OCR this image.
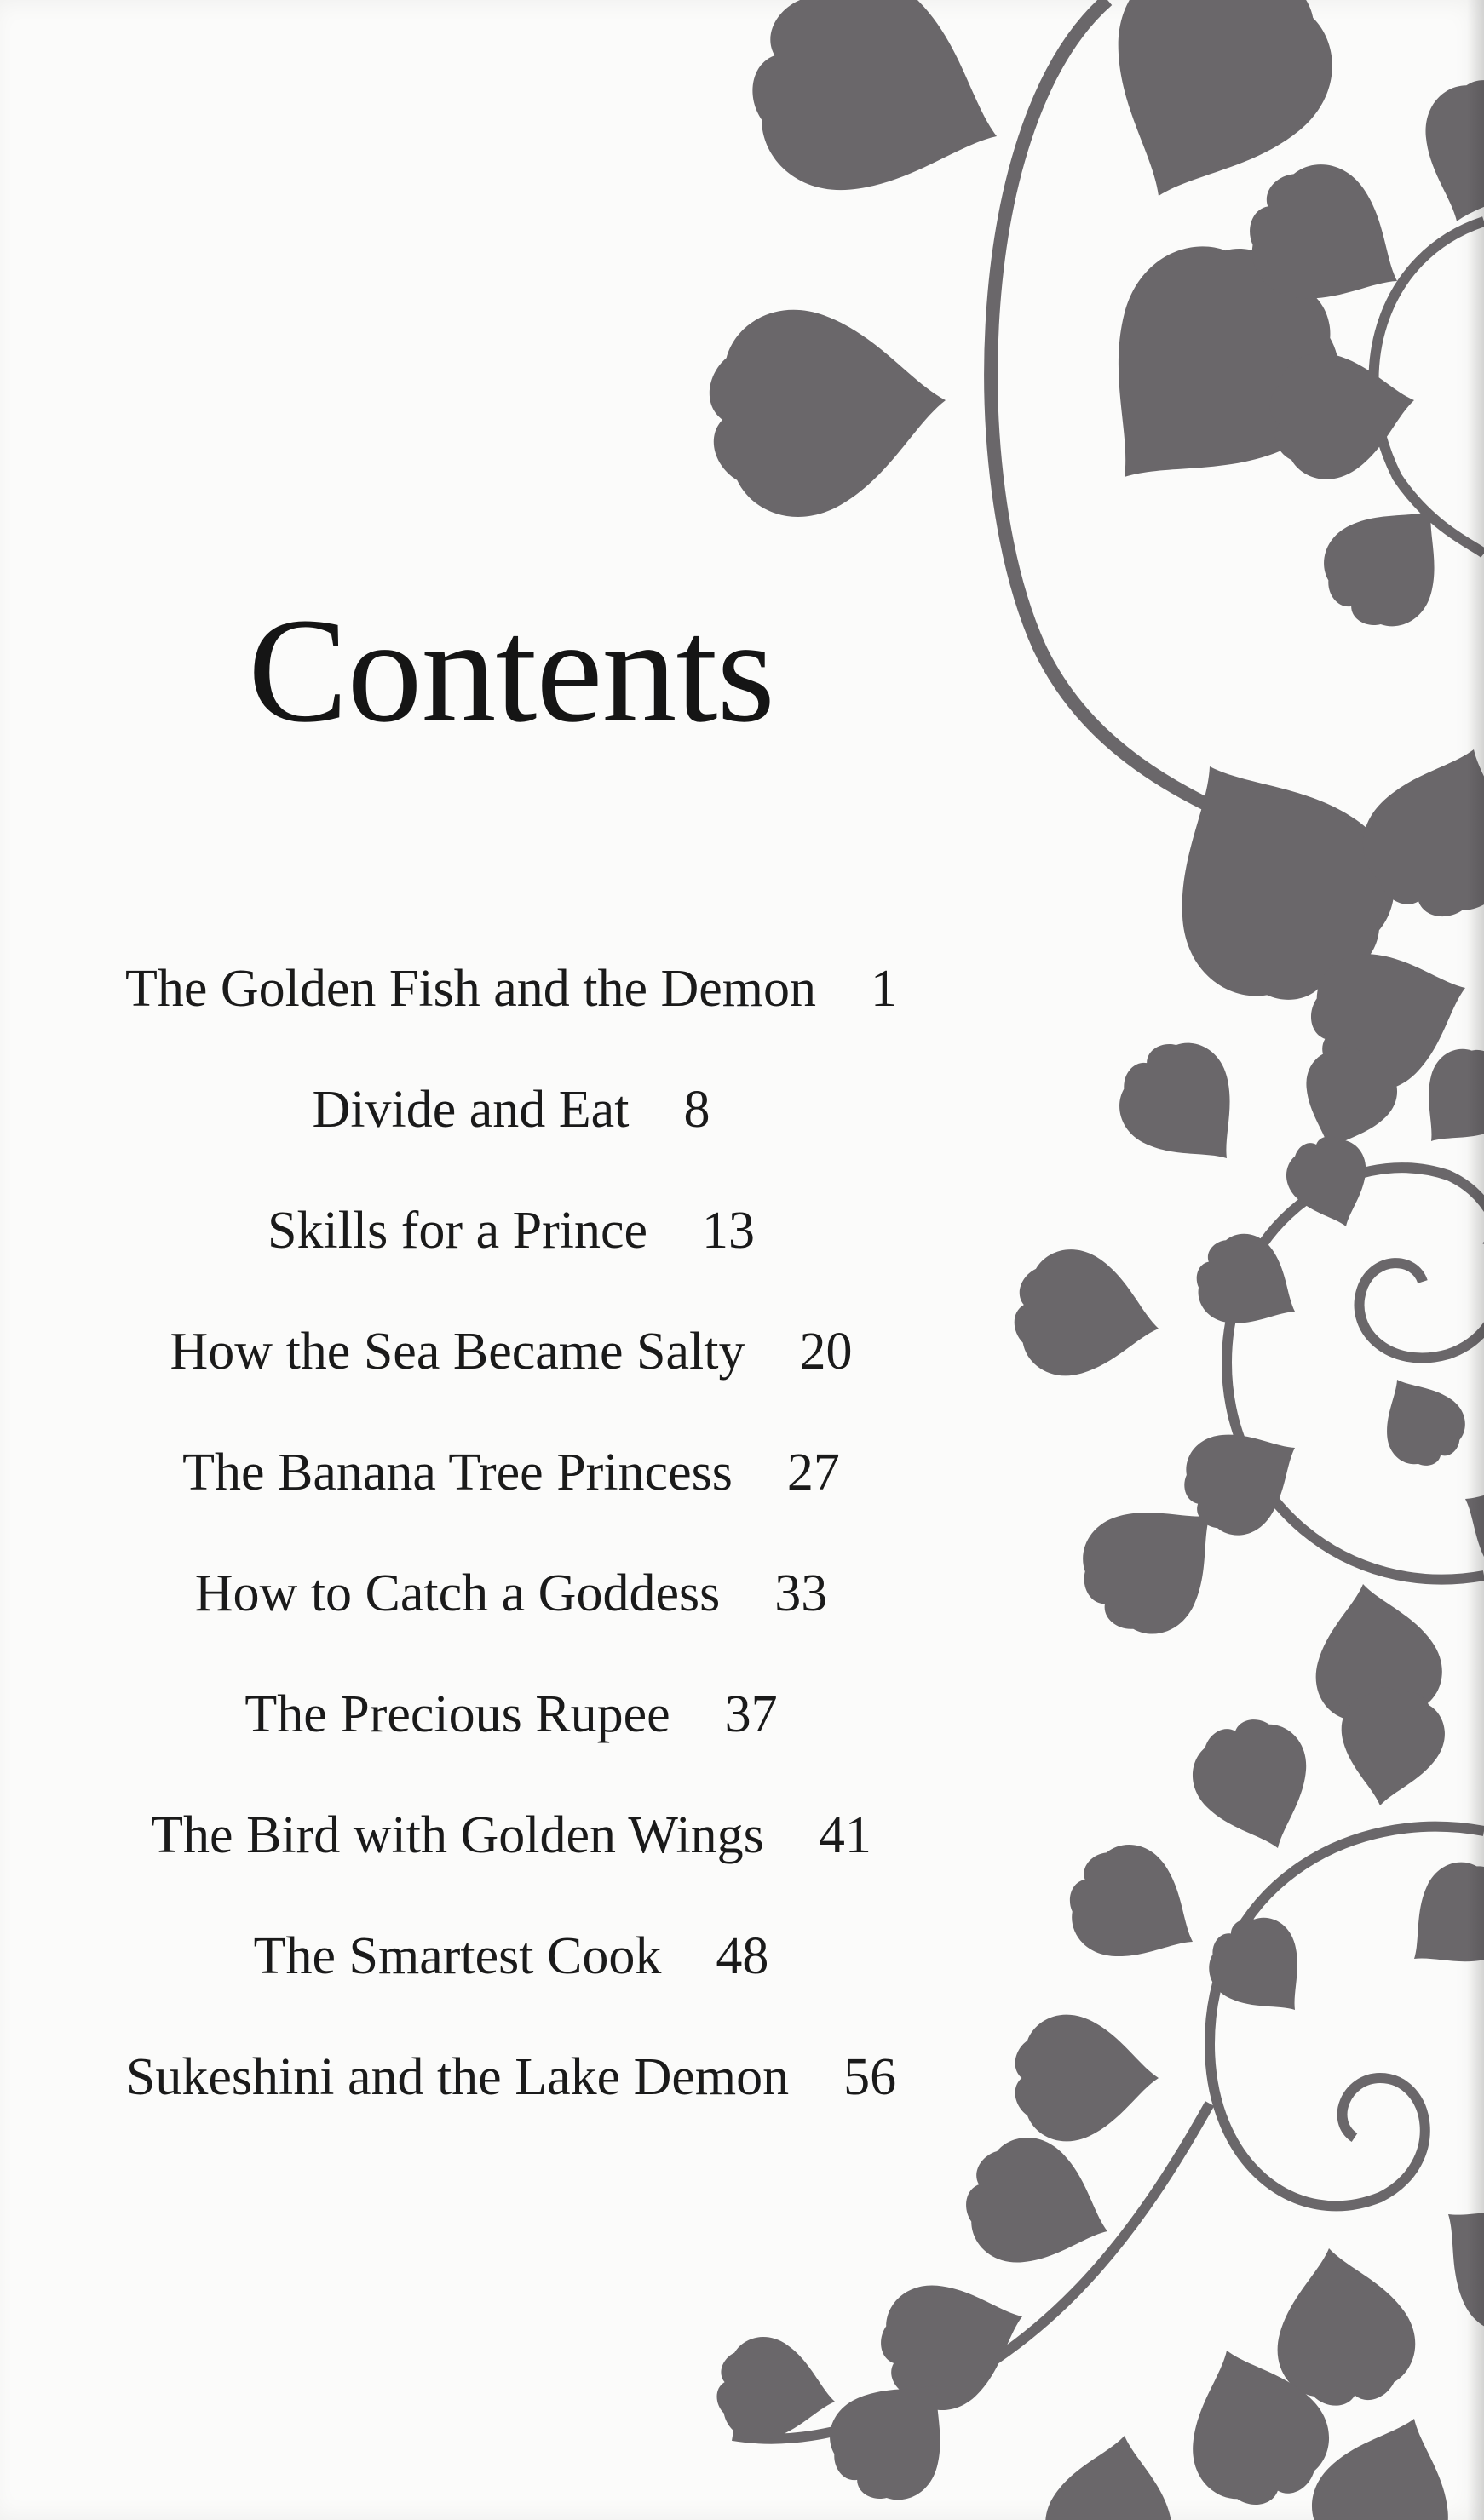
Contents
The Golden Fish and the Demon 1
Divide and Eat 8
Skills for a Prince 13
How the Sea Became Salty 20
The Banana Tree Princess 27
How to Catch a Goddess 33
The Precious Rupee 37
The Bird with Golden Wings 41
The Smartest Cook 48
Sukeshini and the Lake Demon 56
